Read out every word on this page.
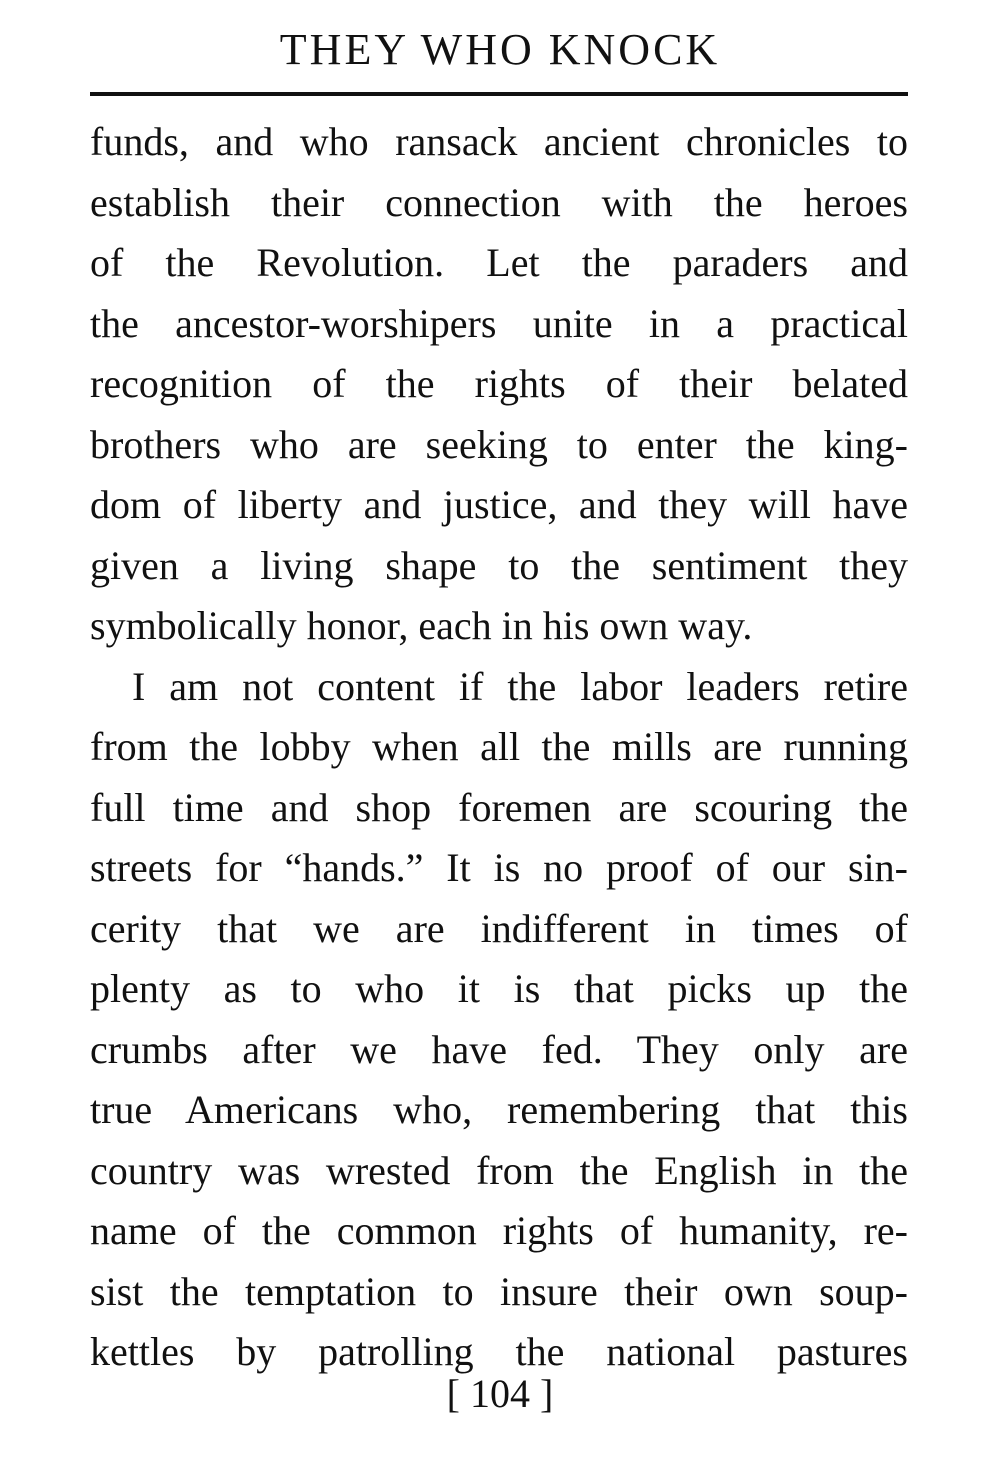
THEY WHO KNOCK
funds, and who ransack ancient chronicles to
establish their connection with the heroes
of the Revolution. Let the paraders and
the ancestor-worshipers unite in a practical
recognition of the rights of their belated
brothers who are seeking to enter the king-
dom of liberty and justice, and they will have
given a living shape to the sentiment they
symbolically honor, each in his own way.
I am not content if the labor leaders retire
from the lobby when all the mills are running
full time and shop foremen are scouring the
streets for “hands.” It is no proof of our sin-
cerity that we are indifferent in times of
plenty as to who it is that picks up the
crumbs after we have fed. They only are
true Americans who, remembering that this
country was wrested from the English in the
name of the common rights of humanity, re-
sist the temptation to insure their own soup-
kettles by patrolling the national pastures
[ 104 ]
